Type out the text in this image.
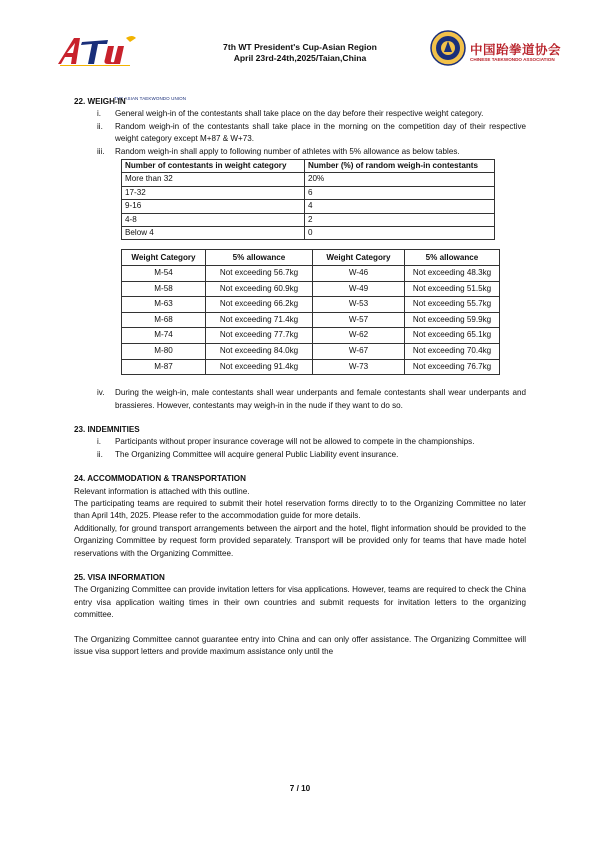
THE ASIAN TAEKWONDO UNION
7th WT President's Cup-Asian Region
April 23rd-24th,2025/Taian,China
中国跆拳道协会
CHINESE TAEKWONDO ASSOCIATION

22. WEIGH-IN

i. General weigh-in of the contestants shall take place on the day before their respective weight category.
ii. Random weigh-in of the contestants shall take place in the morning on the competition day of their respective weight category except M+87 & W+73.
iii. Random weigh-in shall apply to following number of athletes with 5% allowance as below tables.
Number of contestants in weight category	Number (%) of random weigh-in contestants
More than 32	20%
17-32	6
9-16	4
4-8	2
Below 4	0
Weight Category	5% allowance	Weight Category	5% allowance
M-54	Not exceeding 56.7kg	W-46	Not exceeding 48.3kg
M-58	Not exceeding 60.9kg	W-49	Not exceeding 51.5kg
M-63	Not exceeding 66.2kg	W-53	Not exceeding 55.7kg
M-68	Not exceeding 71.4kg	W-57	Not exceeding 59.9kg
M-74	Not exceeding 77.7kg	W-62	Not exceeding 65.1kg
M-80	Not exceeding 84.0kg	W-67	Not exceeding 70.4kg
M-87	Not exceeding 91.4kg	W-73	Not exceeding 76.7kg
iv. During the weigh-in, male contestants shall wear underpants and female contestants shall wear underpants and brassieres. However, contestants may weigh-in in the nude if they want to do so.

23. INDEMNITIES

i. Participants without proper insurance coverage will not be allowed to compete in the championships.
ii. The Organizing Committee will acquire general Public Liability event insurance.

24. ACCOMMODATION & TRANSPORTATION

Relevant information is attached with this outline.

The participating teams are required to submit their hotel reservation forms directly to to the Organizing Committee no later than April 14th, 2025. Please refer to the accommodation guide for more details.

Additionally, for ground transport arrangements between the airport and the hotel, flight information should be provided to the Organizing Committee by request form provided separately. Transport will be provided only for teams that have made hotel reservations with the Organizing Committee.

25. VISA INFORMATION

The Organizing Committee can provide invitation letters for visa applications. However, teams are required to check the China entry visa application waiting times in their own countries and submit requests for invitation letters to the organizing committee.

The Organizing Committee cannot guarantee entry into China and can only offer assistance. The Organizing Committee will issue visa support letters and provide maximum assistance only until the

7 / 10
